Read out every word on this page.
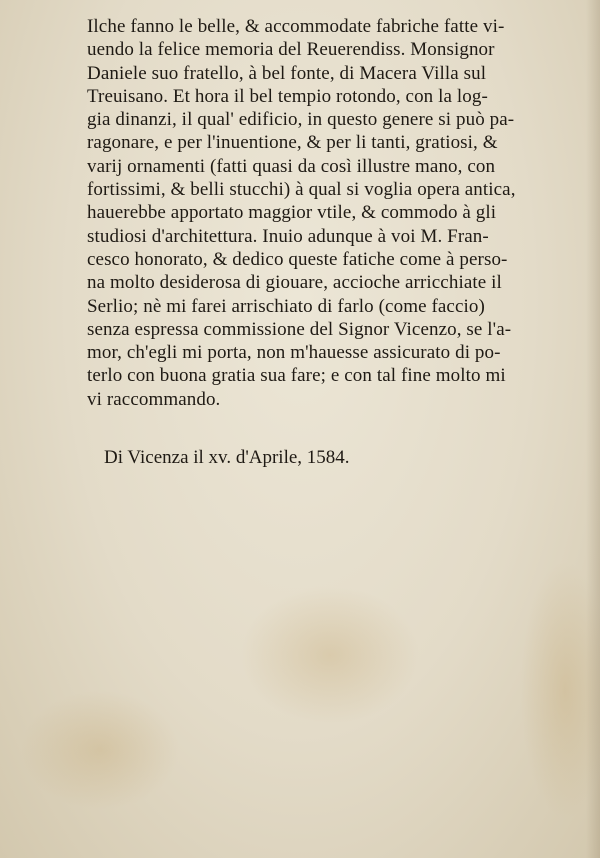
Ilche fanno le belle, & accommodate fabriche fatte vi-
uendo la felice memoria del Reuerendiss. Monsignor
Daniele suo fratello, à bel fonte, di Macera Villa sul
Treuisano. Et hora il bel tempio rotondo, con la log-
gia dinanzi, il qual' edificio, in questo genere si può pa-
ragonare, e per l'inuentione, & per li tanti, gratiosi, &
varij ornamenti (fatti quasi da così illustre mano, con
fortissimi, & belli stucchi) à qual si voglia opera antica,
hauerebbe apportato maggior vtile, & commodo à gli
studiosi d'architettura. Inuio adunque à voi M. Fran-
cesco honorato, & dedico queste fatiche come à perso-
na molto desiderosa di giouare, accioche arricchiate il
Serlio; nè mi farei arrischiato di farlo (come faccio)
senza espressa commissione del Signor Vicenzo, se l'a-
mor, ch'egli mi porta, non m'hauesse assicurato di po-
terlo con buona gratia sua fare; e con tal fine molto mi
vi raccommando.
Di Vicenza il xv. d'Aprile, 1584.
